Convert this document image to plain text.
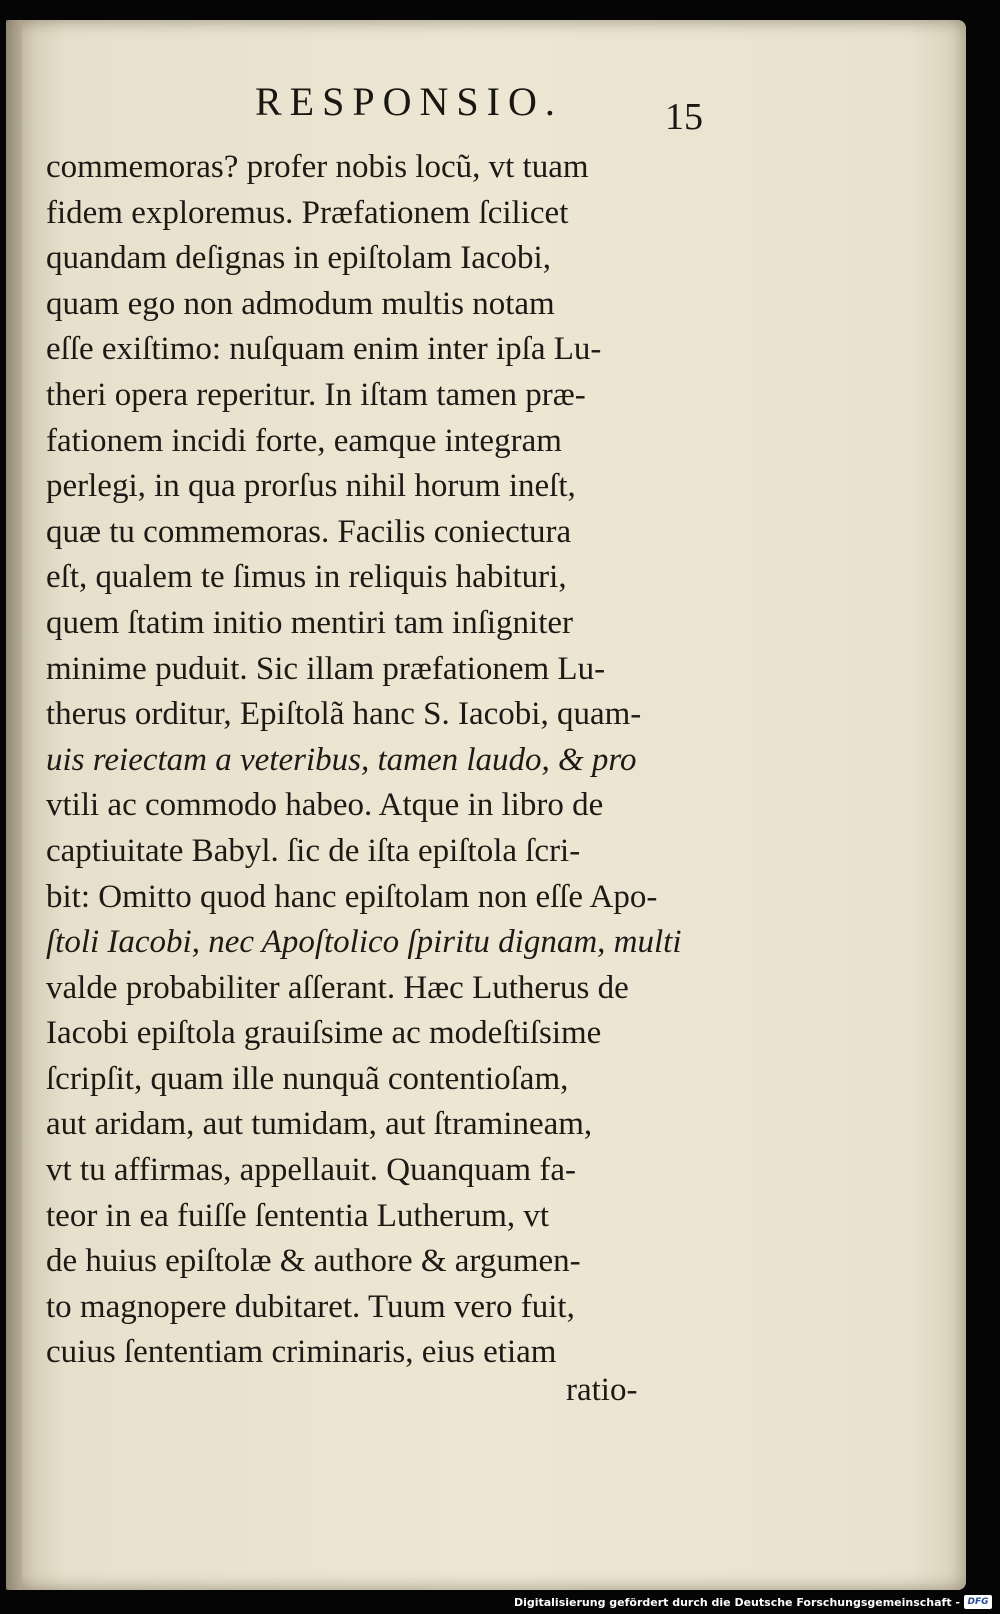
RESPONSIO.	15
commemoras? profer nobis locũ, vt tuam
fidem exploremus. Præfationem ſcilicet
quandam deſignas in epiſtolam Iacobi,
quam ego non admodum multis notam
eſſe exiſtimo: nuſquam enim inter ipſa Lu-
theri opera reperitur. In iſtam tamen præ-
fationem incidi forte, eamque integram
perlegi, in qua prorſus nihil horum ineſt,
quæ tu commemoras. Facilis coniectura
eſt, qualem te ſimus in reliquis habituri,
quem ſtatim initio mentiri tam inſigniter
minime puduit. Sic illam præfationem Lu-
therus orditur, Epiſtolã hanc S. Iacobi, quam-
uis reiectam a veteribus, tamen laudo, & pro
vtili ac commodo habeo. Atque in libro de
captiuitate Babyl. ſic de iſta epiſtola ſcri-
bit: Omitto quod hanc epiſtolam non eſſe Apo-
ſtoli Iacobi, nec Apoſtolico ſpiritu dignam, multi
valde probabiliter aſſerant. Hæc Lutherus de
Iacobi epiſtola grauiſsime ac modeſtiſsime
ſcripſit, quam ille nunquã contentioſam,
aut aridam, aut tumidam, aut ſtramineam,
vt tu affirmas, appellauit. Quanquam fa-
teor in ea fuiſſe ſententia Lutherum, vt
de huius epiſtolæ & authore & argumen-
to magnopere dubitaret. Tuum vero fuit,
cuius ſententiam criminaris, eius etiam
ratio-
Digitalisierung gefördert durch die Deutsche Forschungsgemeinschaft - DFG
